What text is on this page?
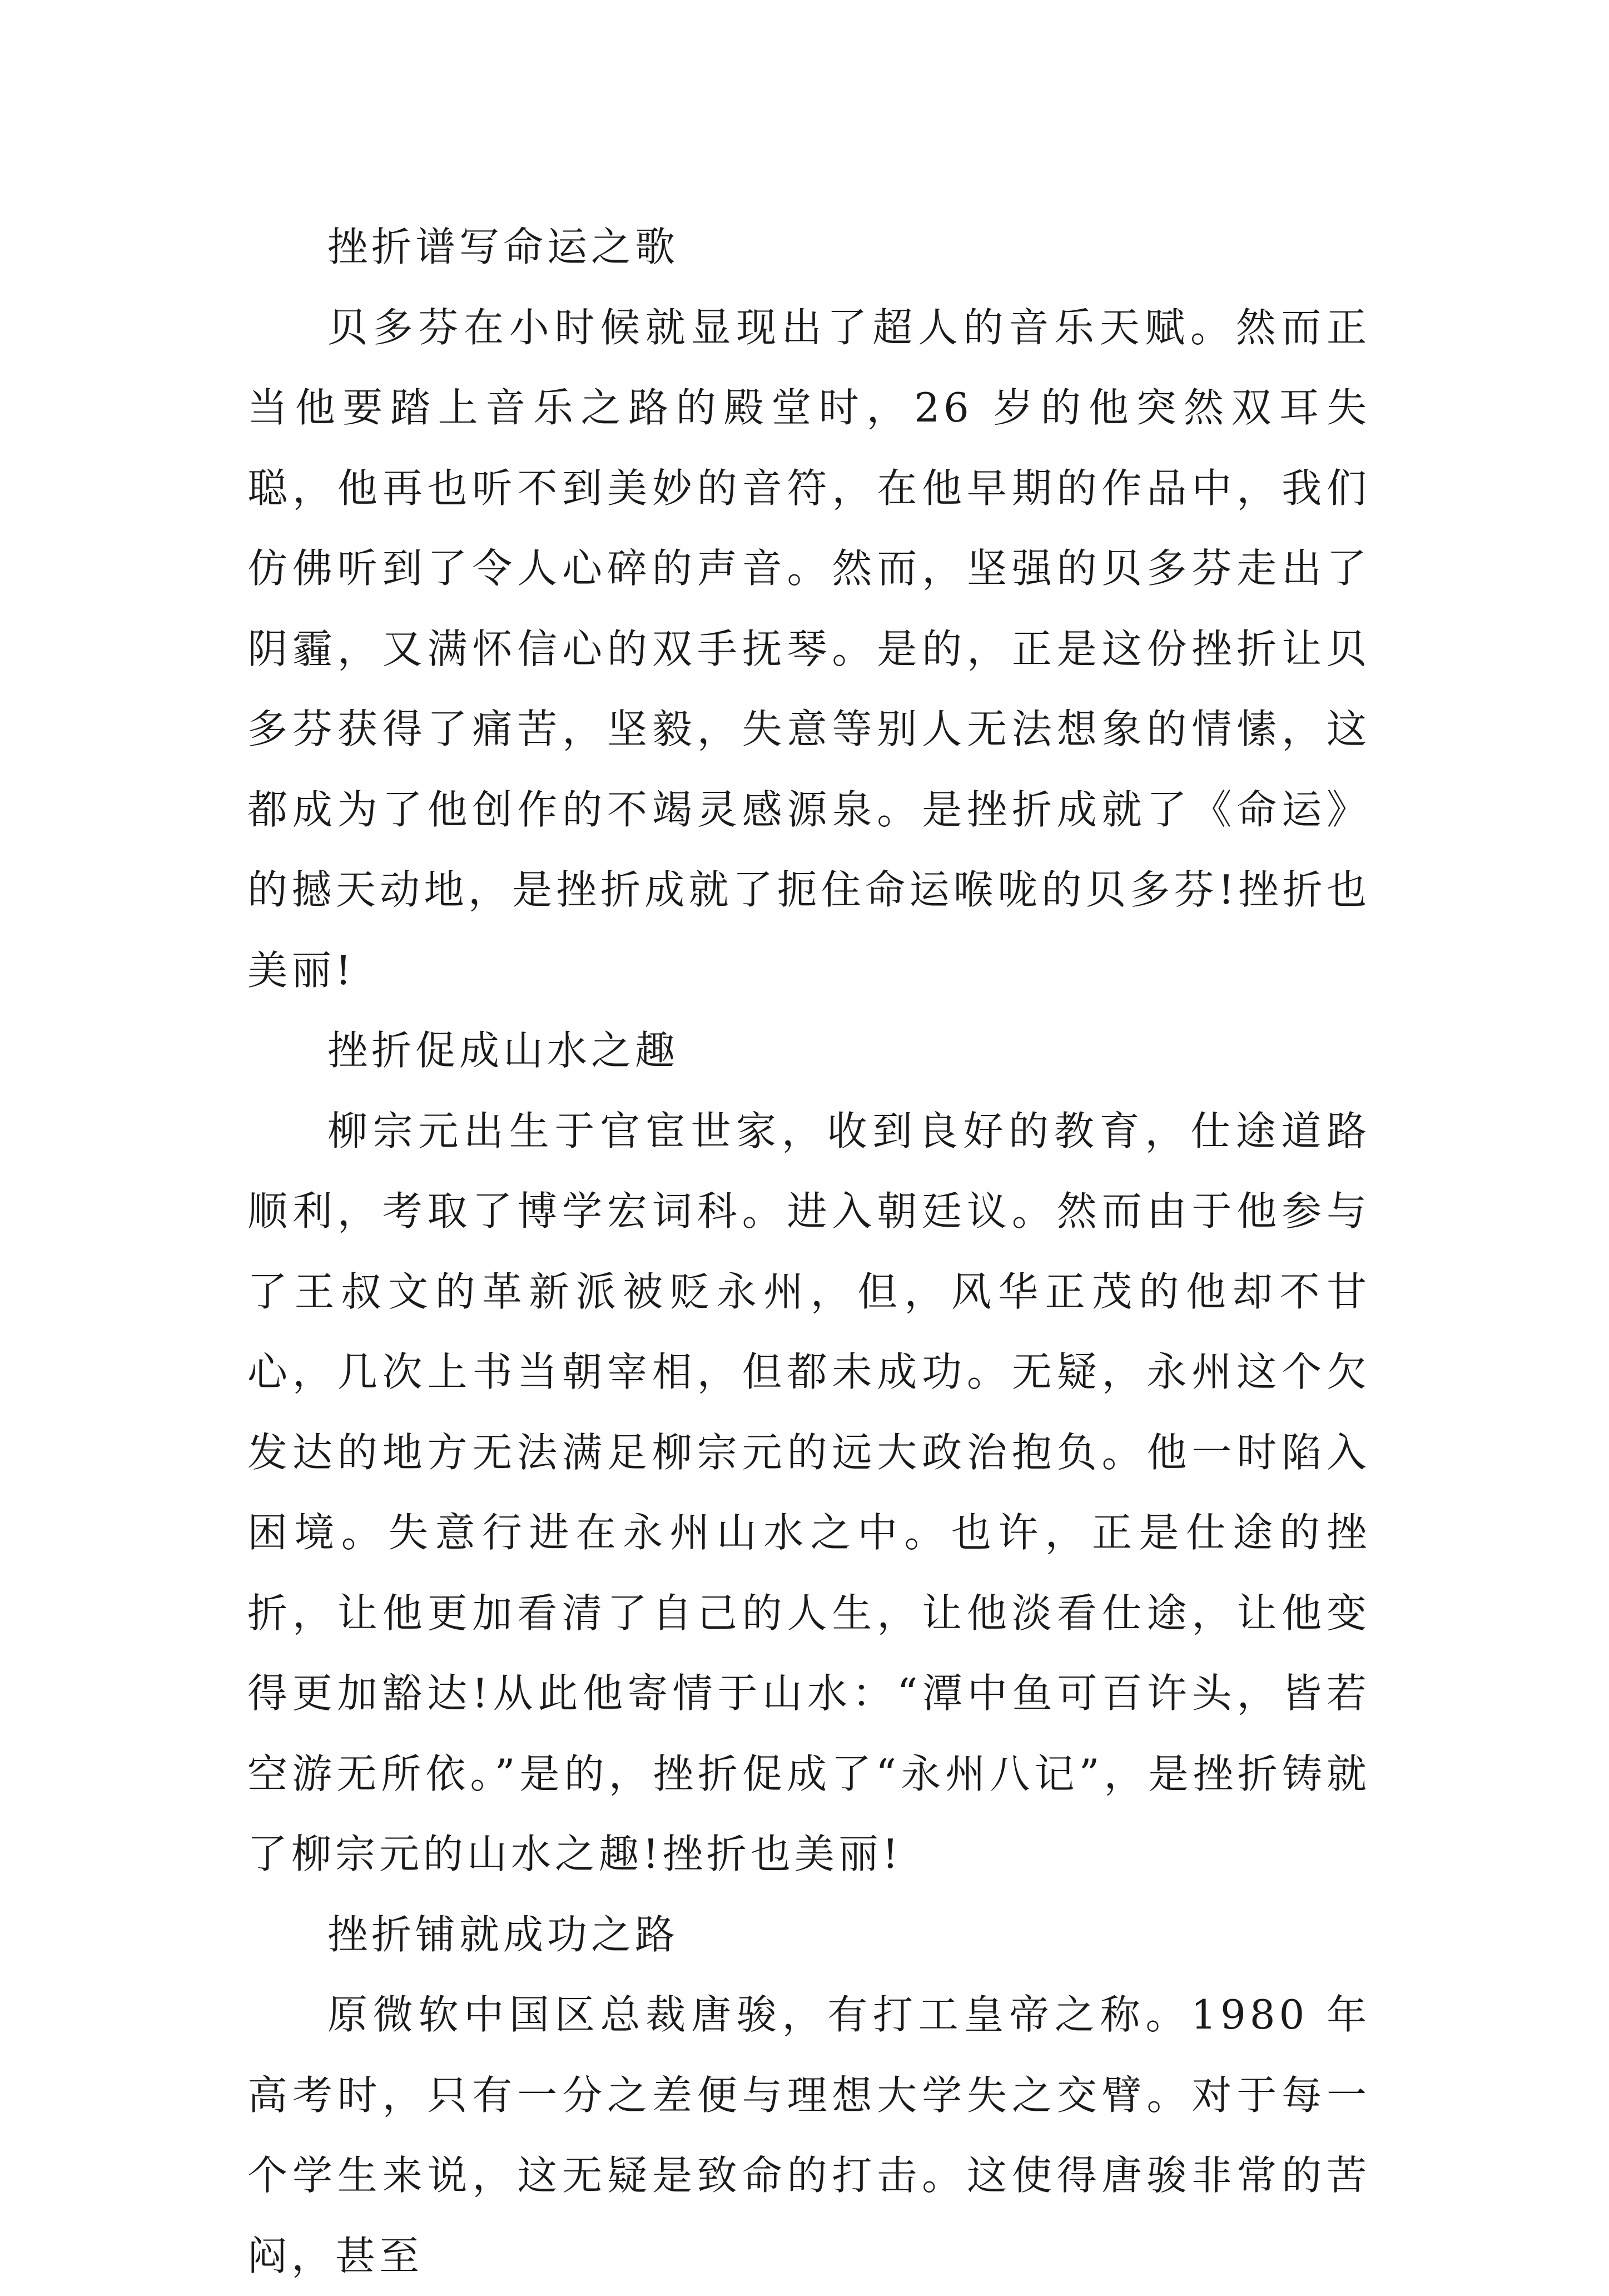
挫折谱写命运之歌

贝多芬在小时候就显现出了超人的音乐天赋。然而正当他要踏上音乐之路的殿堂时，26 岁的他突然双耳失聪，他再也听不到美妙的音符，在他早期的作品中，我们仿佛听到了令人心碎的声音。然而，坚强的贝多芬走出了阴霾，又满怀信心的双手抚琴。是的，正是这份挫折让贝多芬获得了痛苦，坚毅，失意等别人无法想象的情愫，这都成为了他创作的不竭灵感源泉。是挫折成就了《命运》的撼天动地，是挫折成就了扼住命运喉咙的贝多芬!挫折也美丽!

挫折促成山水之趣

柳宗元出生于官宦世家，收到良好的教育，仕途道路顺利，考取了博学宏词科。进入朝廷议。然而由于他参与了王叔文的革新派被贬永州，但，风华正茂的他却不甘心，几次上书当朝宰相，但都未成功。无疑，永州这个欠发达的地方无法满足柳宗元的远大政治抱负。他一时陷入困境。失意行进在永州山水之中。也许，正是仕途的挫折，让他更加看清了自己的人生，让他淡看仕途，让他变得更加豁达!从此他寄情于山水：“潭中鱼可百许头，皆若空游无所依。”是的，挫折促成了“永州八记”，是挫折铸就了柳宗元的山水之趣!挫折也美丽!

挫折铺就成功之路

原微软中国区总裁唐骏，有打工皇帝之称。1980 年高考时，只有一分之差便与理想大学失之交臂。对于每一个学生来说，这无疑是致命的打击。这使得唐骏非常的苦闷，甚至
